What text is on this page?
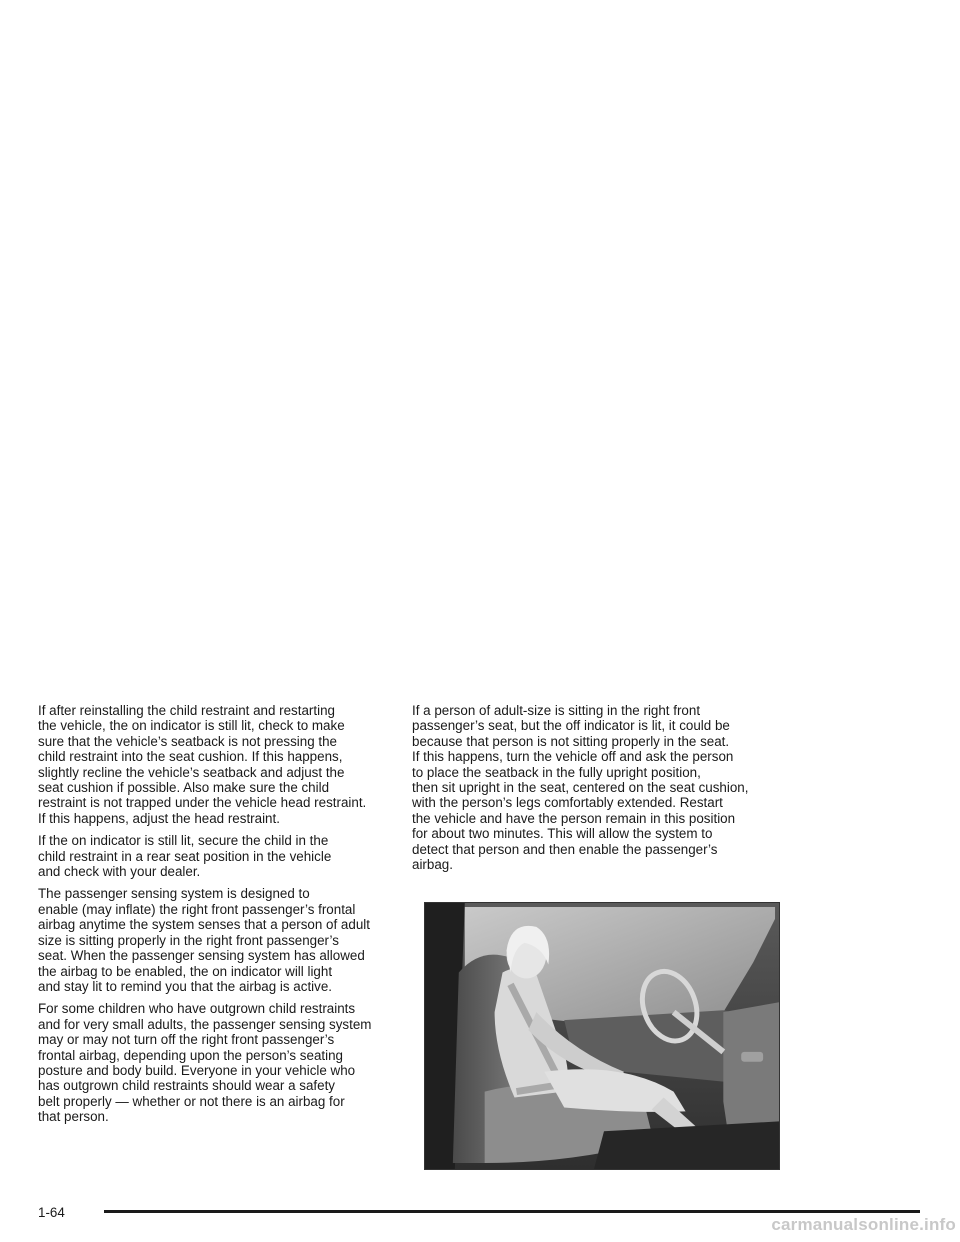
If after reinstalling the child restraint and restarting
the vehicle, the on indicator is still lit, check to make
sure that the vehicle’s seatback is not pressing the
child restraint into the seat cushion. If this happens,
slightly recline the vehicle’s seatback and adjust the
seat cushion if possible. Also make sure the child
restraint is not trapped under the vehicle head restraint.
If this happens, adjust the head restraint.

If the on indicator is still lit, secure the child in the
child restraint in a rear seat position in the vehicle
and check with your dealer.

The passenger sensing system is designed to
enable (may inflate) the right front passenger’s frontal
airbag anytime the system senses that a person of adult
size is sitting properly in the right front passenger’s
seat. When the passenger sensing system has allowed
the airbag to be enabled, the on indicator will light
and stay lit to remind you that the airbag is active.

For some children who have outgrown child restraints
and for very small adults, the passenger sensing system
may or may not turn off the right front passenger’s
frontal airbag, depending upon the person’s seating
posture and body build. Everyone in your vehicle who
has outgrown child restraints should wear a safety
belt properly — whether or not there is an airbag for
that person.

If a person of adult-size is sitting in the right front
passenger’s seat, but the off indicator is lit, it could be
because that person is not sitting properly in the seat.
If this happens, turn the vehicle off and ask the person
to place the seatback in the fully upright position,
then sit upright in the seat, centered on the seat cushion,
with the person’s legs comfortably extended. Restart
the vehicle and have the person remain in this position
for about two minutes. This will allow the system to
detect that person and then enable the passenger’s
airbag.

1-64
carmanualsonline.info
